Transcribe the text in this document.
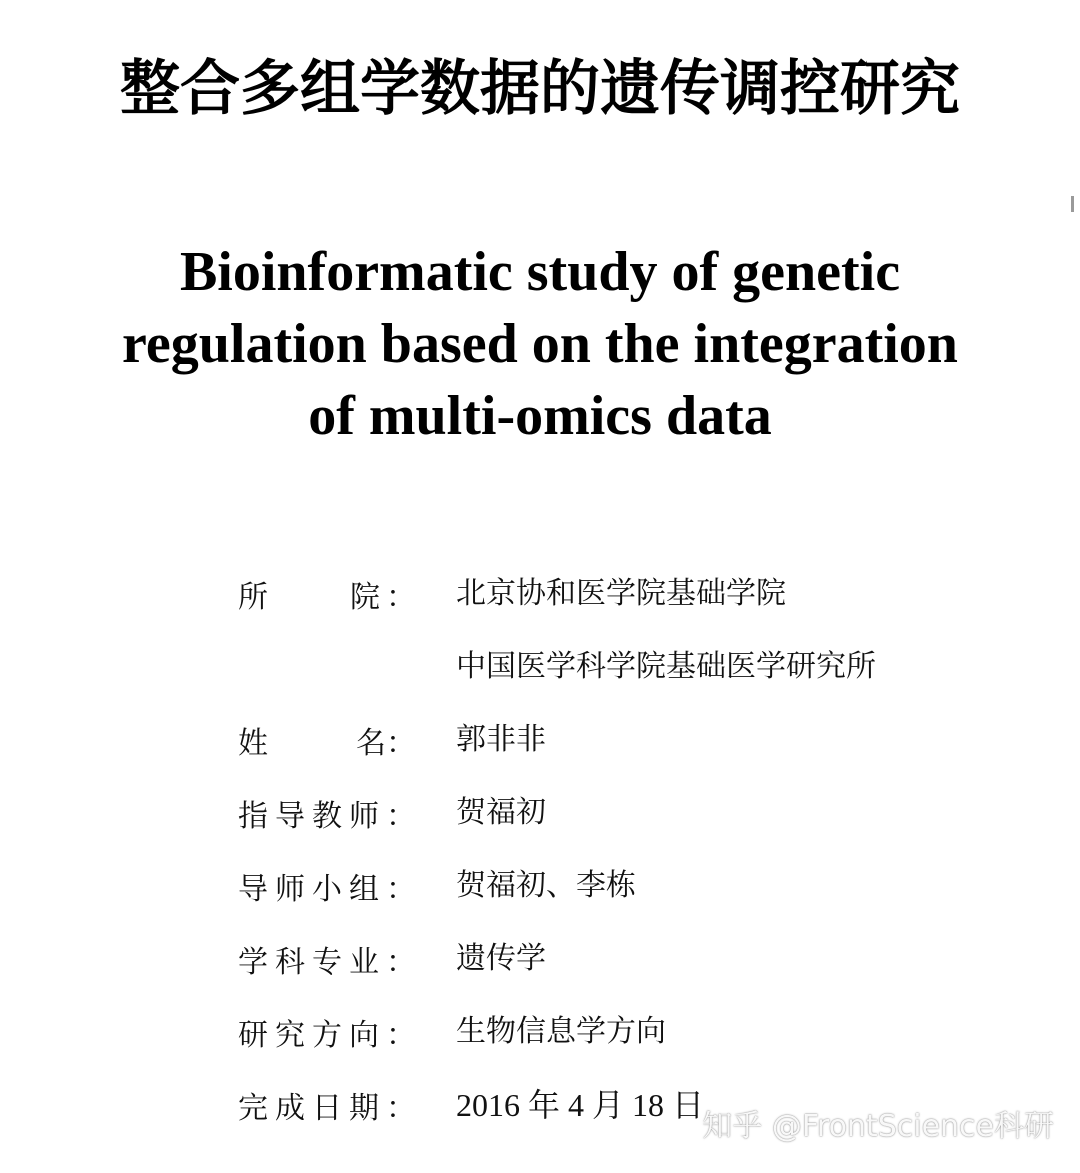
整合多组学数据的遗传调控研究
Bioinformatic study of genetic
regulation based on the integration
of multi-omics data
所	院 ： 北京协和医学院基础学院
中国医学科学院基础医学研究所
姓	名 ： 郭非非
指 导 教 师 ： 贺福初
导 师 小 组 ： 贺福初、李栋
学 科 专 业 ： 遗传学
研 究 方 向 ： 生物信息学方向
完 成 日 期 ： 2016 年 4 月 18 日
知乎 @FrontScience科研
